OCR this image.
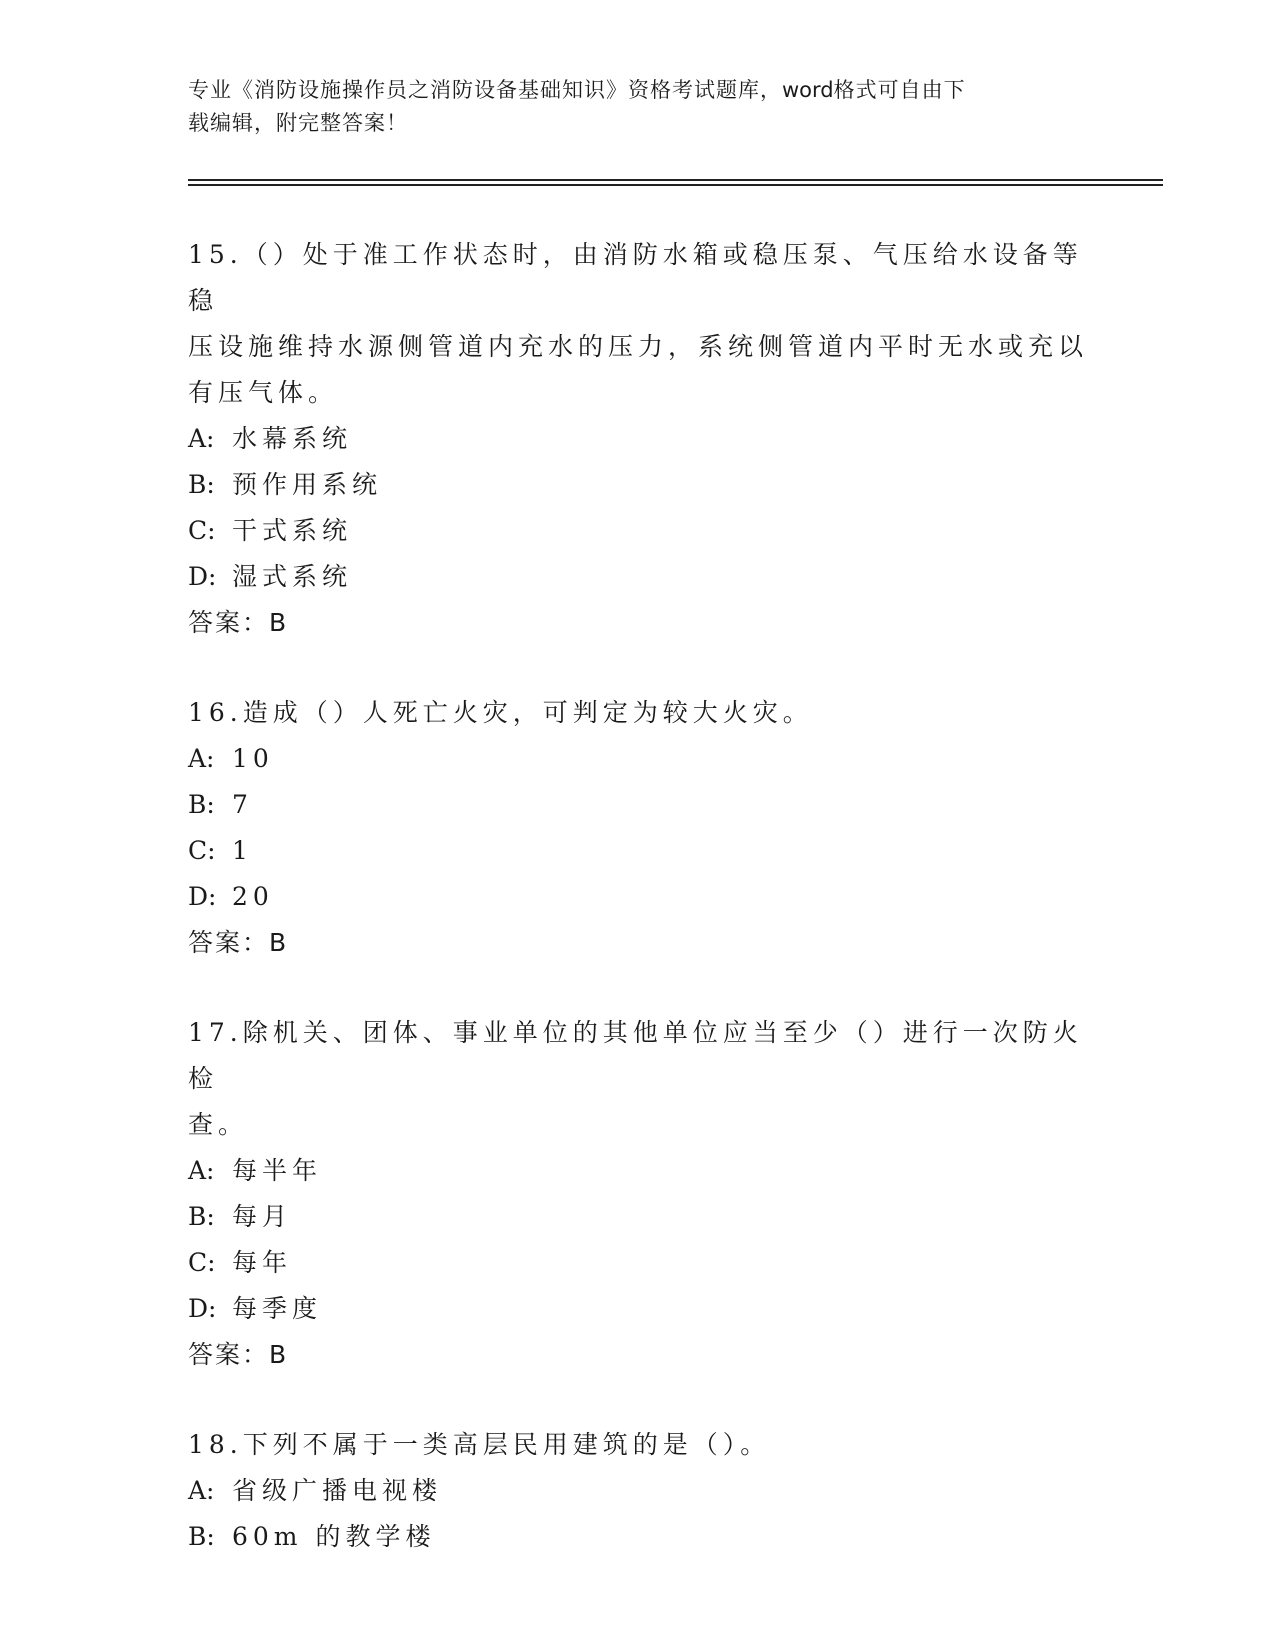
专业《消防设施操作员之消防设备基础知识》资格考试题库，word格式可自由下
载编辑，附完整答案！

15.（）处于准工作状态时，由消防水箱或稳压泵、气压给水设备等稳

压设施维持水源侧管道内充水的压力，系统侧管道内平时无水或充以

有压气体。

A: 水幕系统
B: 预作用系统
C: 干式系统
D: 湿式系统

答案：B

16.造成（）人死亡火灾，可判定为较大火灾。

A: 10
B: 7
C: 1
D: 20

答案：B

17.除机关、团体、事业单位的其他单位应当至少（）进行一次防火检

查。

A: 每半年
B: 每月
C: 每年
D: 每季度

答案：B

18.下列不属于一类高层民用建筑的是（）。

A: 省级广播电视楼
B: 60m 的教学楼
